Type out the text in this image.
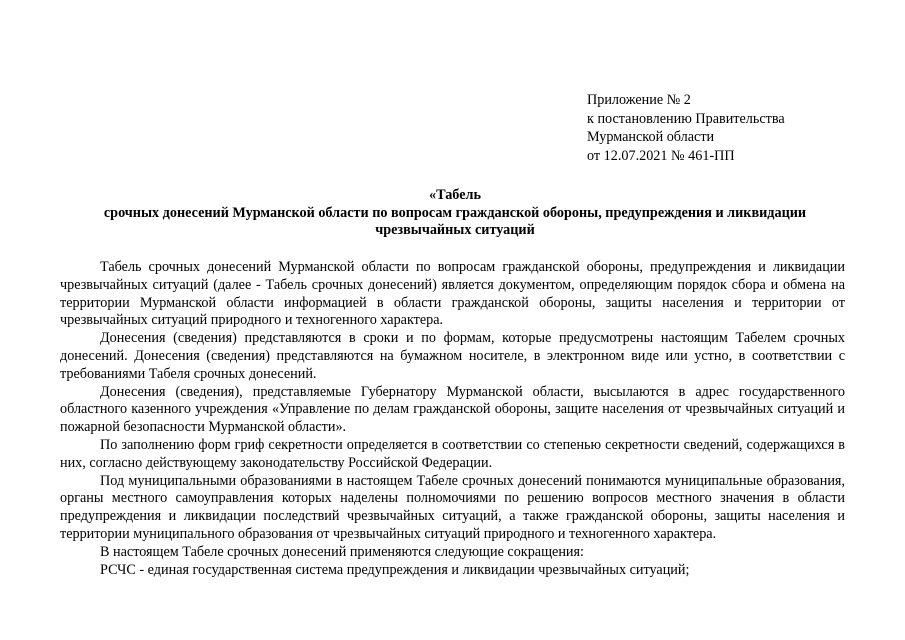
Приложение № 2
к постановлению Правительства
Мурманской области
от 12.07.2021 № 461-ПП
«Табель
срочных донесений Мурманской области по вопросам гражданской обороны, предупреждения и ликвидации
чрезвычайных ситуаций

Табель срочных донесений Мурманской области по вопросам гражданской обороны, предупреждения и ликвидации чрезвычайных ситуаций (далее - Табель срочных донесений) является документом, определяющим порядок сбора и обмена на территории Мурманской области информацией в области гражданской обороны, защиты населения и территории от чрезвычайных ситуаций природного и техногенного характера.

Донесения (сведения) представляются в сроки и по формам, которые предусмотрены настоящим Табелем срочных донесений. Донесения (сведения) представляются на бумажном носителе, в электронном виде или устно, в соответствии с требованиями Табеля срочных донесений.

Донесения (сведения), представляемые Губернатору Мурманской области, высылаются в адрес государственного областного казенного учреждения «Управление по делам гражданской обороны, защите населения от чрезвычайных ситуаций и пожарной безопасности Мурманской области».

По заполнению форм гриф секретности определяется в соответствии со степенью секретности сведений, содержащихся в них, согласно действующему законодательству Российской Федерации.

Под муниципальными образованиями в настоящем Табеле срочных донесений понимаются муниципальные образования, органы местного самоуправления которых наделены полномочиями по решению вопросов местного значения в области предупреждения и ликвидации последствий чрезвычайных ситуаций, а также гражданской обороны, защиты населения и территории муниципального образования от чрезвычайных ситуаций природного и техногенного характера.

В настоящем Табеле срочных донесений применяются следующие сокращения:

РСЧС - единая государственная система предупреждения и ликвидации чрезвычайных ситуаций;
